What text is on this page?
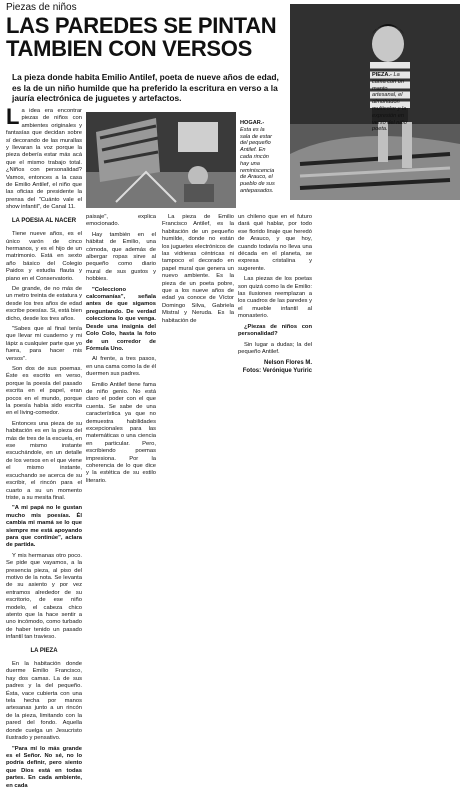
Piezas de niños
LAS PAREDES SE PINTAN
TAMBIEN CON VERSOS
La pieza donde habita Emilio Antilef, poeta de nueve años de edad, es la de un niño humilde que ha preferido la escritura en verso a la jauría electrónica de juguetes y artefactos.
PIEZA.- La cama con un manto artesanal, el almohadón multicolor y la expresión en verso del niño poeta.
HOGAR.- Esta es la sala de estar del pequeño Antilef. En cada rincón hay una reminiscencia de Arauco, el pueblo de sus antepasados.

La idea era encontrar piezas de niños con ambientes originales y fantasías que decidan sobre sí decorando de las murallas y llevaran la voz porque la pieza debería estar más acá que el mismo trabajo total. ¿Niños con personalidad? Vamos, entonces a la casa de Emilio Antilef, el niño que las oficias de presidente la prensa del "Cuánto vale el show infantil", de Canal 11.

LA POESIA AL NACER

Tiene nueve años, es el único varón de cinco hermanos, y es el hijo de un matrimonio. Está en sexto año básico del Colegio Paidos y estudia flauta y piano en el Conservatorio.

De grande, de no más de un metro treinta de estatura y desde los tres años de edad escribe poesías. Si, está bien dicho, desde los tres años.

"Sabes que al final tenía que llevar mi cuaderno y mi lápiz a cualquier parte que yo fuera, para hacer mis versos".

Son dos de sus poemas. Éste es escrito en verso, porque la poesía del pasado escrita en el papel, eran pocos en el mundo, porque la poesía había sido escrita en el living-comedor.

Entonces una pieza de su habitación es en la pieza del más de tres de la escuela, en ese mismo instante escuchándole, en un detalle de los versos en el que viene el mismo instante, escuchando se acerca de su escribir, el rincón para el cuarto a su un momento triste, a su mesita final.

"A mi papá no le gustan mucho mis poesías. Él cambia mi mamá se lo que siempre me está apoyando para que continúe", aclara de partida.

Y mis hermanas otro poco. Se pide que vayamos, a la presencia pieza, al piso del motivo de la nota. Se levanta de su asiento y por vez entramos alrededor de su escritorio, de ese niño modelo, el cabeza chico atento que la hace sentir a uno incómodo, como turbado de haber tenido un pasado infantil tan travieso.

LA PIEZA

En la habitación donde duerme Emilio Francisco, hay dos camas. La de sus padres y la del pequeño. Ésta, vace cubierta con una tela hecha por manos artesanas junto a un rincón de la pieza, limitando con la pared del fondo. Aquella donde cuelga un Jesucristo ilustrado y pensativo.

"Para mí lo más grande es el Señor. No sé, no lo podría definir, pero siento que Dios está en todas partes. En cada ambiente, en cada

paisaje", explica emocionado.

Hay también en el hábitat de Emilio, una cómoda, que además de albergar ropas sirve al pequeño como diario mural de sus gustos y hobbies.

"Colecciono calcomanías", señala antes de que sigamos preguntando. De verdad colecciona lo que venga. Desde una insignia del Colo Colo, hasta la foto de un corredor de Fórmula Uno.

Al frente, a tres pasos, en una cama como la de él duermen sus padres.

Emilio Antilef tiene fama de niño genio. No está claro el poder con el que cuenta. Se sabe de una característica ya que no demuestra habilidades excepcionales para las matemáticas o una ciencia en particular. Pero, escribiendo poemas impresiona. Por la coherencia de lo que dice y la estética de su estilo literario.

La pieza de Emilio Francisco Antilef, es la habitación de un pequeño humilde, donde no están los juguetes electrónicos de las vidrieras céntricas ni tampoco el decorado en papel mural que genera un nuevo ambiente. Es la pieza de un poeta pobre, que a los nueve años de edad ya conoce de Víctor Domingo Silva, Gabriela Mistral y Neruda. Es la habitación de

un chileno que en el futuro dará qué hablar, por todo ese florido linaje que heredó de Arauco, y que hoy, cuando todavía no lleva una década en el planeta, se expresa cristalina y sugerente.

Las piezas de los poetas son quizá como la de Emilio: las ilusiones reemplazan a los cuadros de las paredes y el mueble infantil al monasterio.

¿Piezas de niños con personalidad?

Sin lugar a dudas; la del pequeño Antilef.

Nelson Flores M.
Fotos: Verónique Yuriric
